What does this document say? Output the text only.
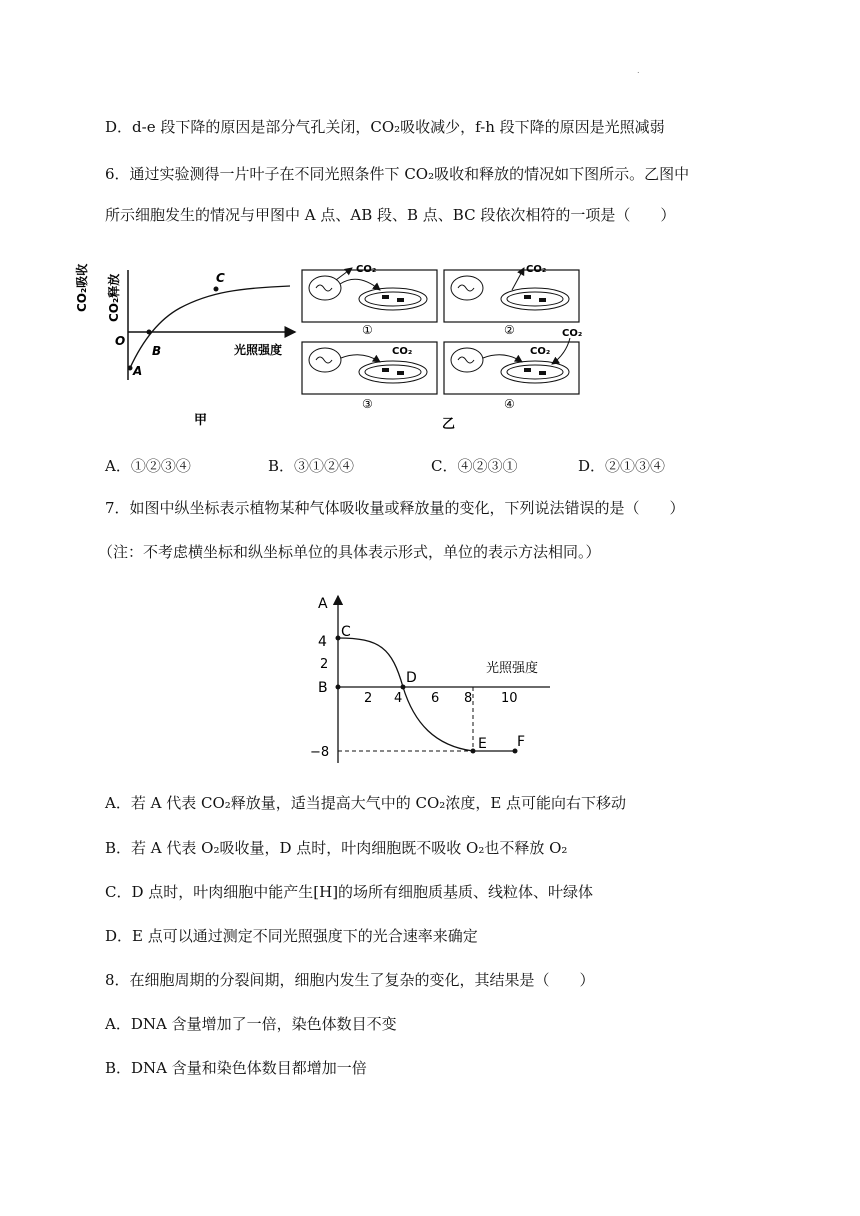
.
D．d-e 段下降的原因是部分气孔关闭，CO₂吸收减少，f-h 段下降的原因是光照减弱
6．通过实验测得一片叶子在不同光照条件下 CO₂吸收和释放的情况如下图所示。乙图中
所示细胞发生的情况与甲图中 A 点、AB 段、B 点、BC 段依次相符的一项是（　　）
CO₂吸收 CO₂释放
O
A
B
C
光照强度
甲
CO₂
①
CO₂
②
CO₂
③
CO₂
CO₂
④
乙
A．①②③④	B．③①②④	C．④②③①	D．②①③④
7．如图中纵坐标表示植物某种气体吸收量或释放量的变化，下列说法错误的是（　　）
（注：不考虑横坐标和纵坐标单位的具体表示形式，单位的表示方法相同。）
A
4
2
B
−8
2 4 6 8 10
光照强度
C
D
E F
A．若 A 代表 CO₂释放量，适当提高大气中的 CO₂浓度，E 点可能向右下移动
B．若 A 代表 O₂吸收量，D 点时，叶肉细胞既不吸收 O₂也不释放 O₂
C．D 点时，叶肉细胞中能产生[H]的场所有细胞质基质、线粒体、叶绿体
D．E 点可以通过测定不同光照强度下的光合速率来确定
8．在细胞周期的分裂间期，细胞内发生了复杂的变化，其结果是（　　）
A．DNA 含量增加了一倍，染色体数目不变
B．DNA 含量和染色体数目都增加一倍
